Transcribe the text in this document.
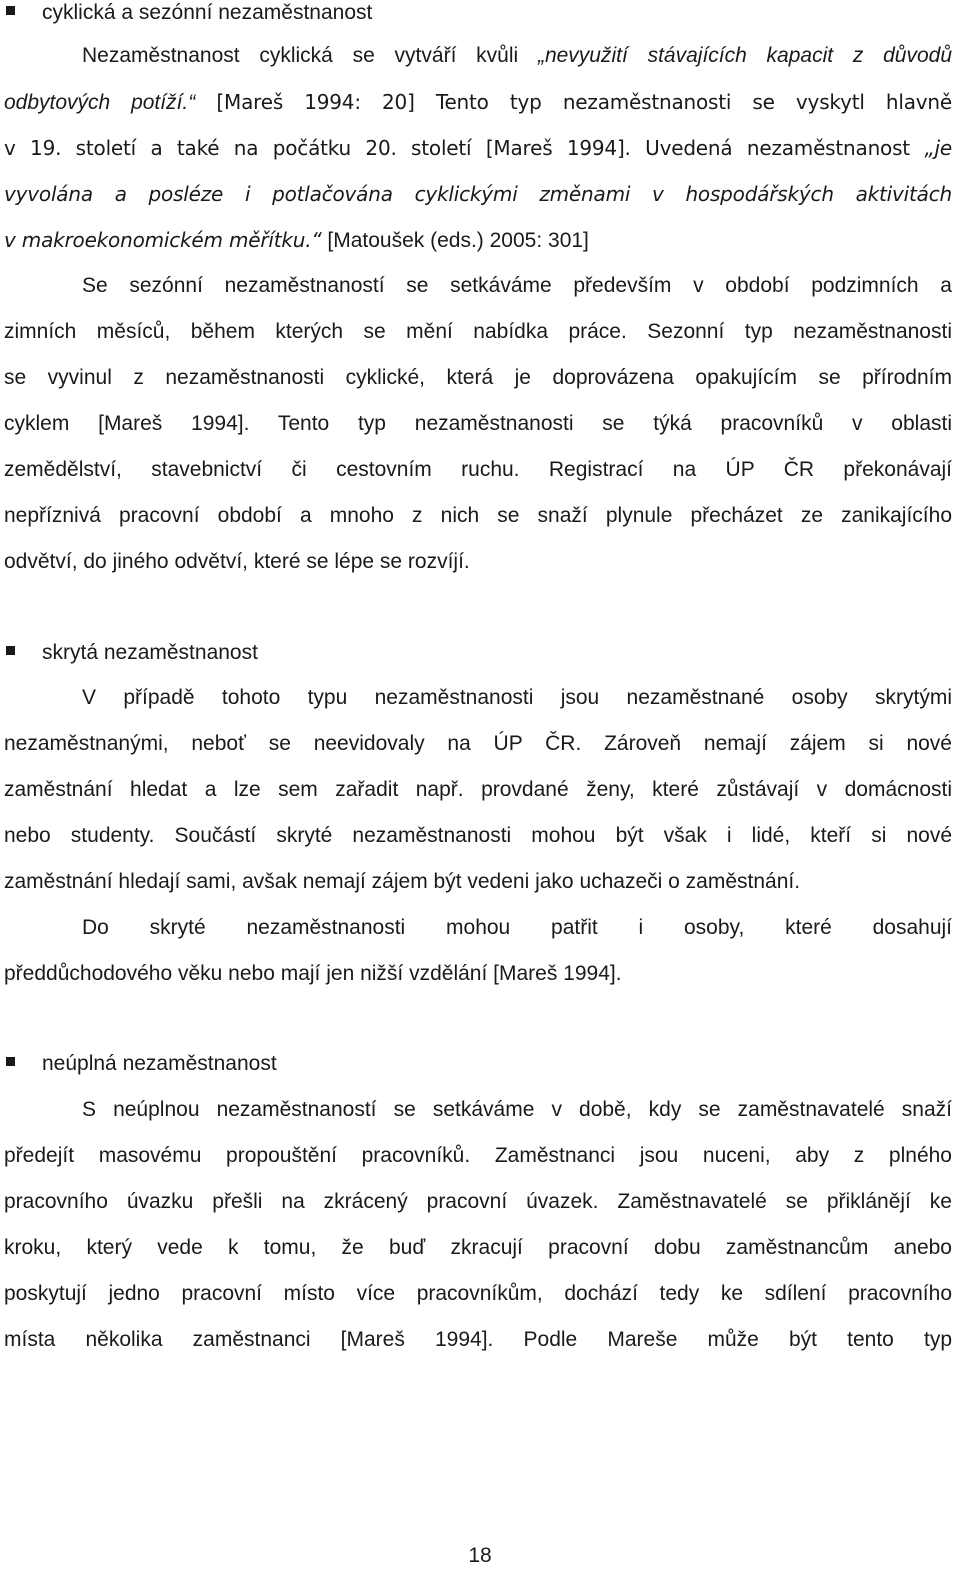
cyklická a sezónní nezaměstnanost
Nezaměstnanost cyklická se vytváří kvůli „nevyužití stávajících kapacit z důvodů
odbytových potíží.“ [Mareš 1994: 20] Tento typ nezaměstnanosti se vyskytl hlavně
v 19. století a také na počátku 20. století [Mareš 1994]. Uvedená nezaměstnanost „je
vyvolána a posléze i potlačována cyklickými změnami v hospodářských aktivitách
v makroekonomickém měřítku.“ [Matoušek (eds.) 2005: 301]
Se sezónní nezaměstnaností se setkáváme především v období podzimních a
zimních měsíců, během kterých se mění nabídka práce. Sezonní typ nezaměstnanosti
se vyvinul z nezaměstnanosti cyklické, která je doprovázena opakujícím se přírodním
cyklem [Mareš 1994]. Tento typ nezaměstnanosti se týká pracovníků v oblasti
zemědělství, stavebnictví či cestovním ruchu. Registrací na ÚP ČR překonávají
nepříznivá pracovní období a mnoho z nich se snaží plynule přecházet ze zanikajícího
odvětví, do jiného odvětví, které se lépe se rozvíjí.
skrytá nezaměstnanost
V případě tohoto typu nezaměstnanosti jsou nezaměstnané osoby skrytými
nezaměstnanými, neboť se neevidovaly na ÚP ČR. Zároveň nemají zájem si nové
zaměstnání hledat a lze sem zařadit např. provdané ženy, které zůstávají v domácnosti
nebo studenty. Součástí skryté nezaměstnanosti mohou být však i lidé, kteří si nové
zaměstnání hledají sami, avšak nemají zájem být vedeni jako uchazeči o zaměstnání.
Do skryté nezaměstnanosti mohou patřit i osoby, které dosahují
předdůchodového věku nebo mají jen nižší vzdělání [Mareš 1994].
neúplná nezaměstnanost
S neúplnou nezaměstnaností se setkáváme v době, kdy se zaměstnavatelé snaží
předejít masovému propouštění pracovníků. Zaměstnanci jsou nuceni, aby z plného
pracovního úvazku přešli na zkrácený pracovní úvazek. Zaměstnavatelé se přiklánějí ke
kroku, který vede k tomu, že buď zkracují pracovní dobu zaměstnancům anebo
poskytují jedno pracovní místo více pracovníkům, dochází tedy ke sdílení pracovního
místa několika zaměstnanci [Mareš 1994]. Podle Mareše může být tento typ
18
